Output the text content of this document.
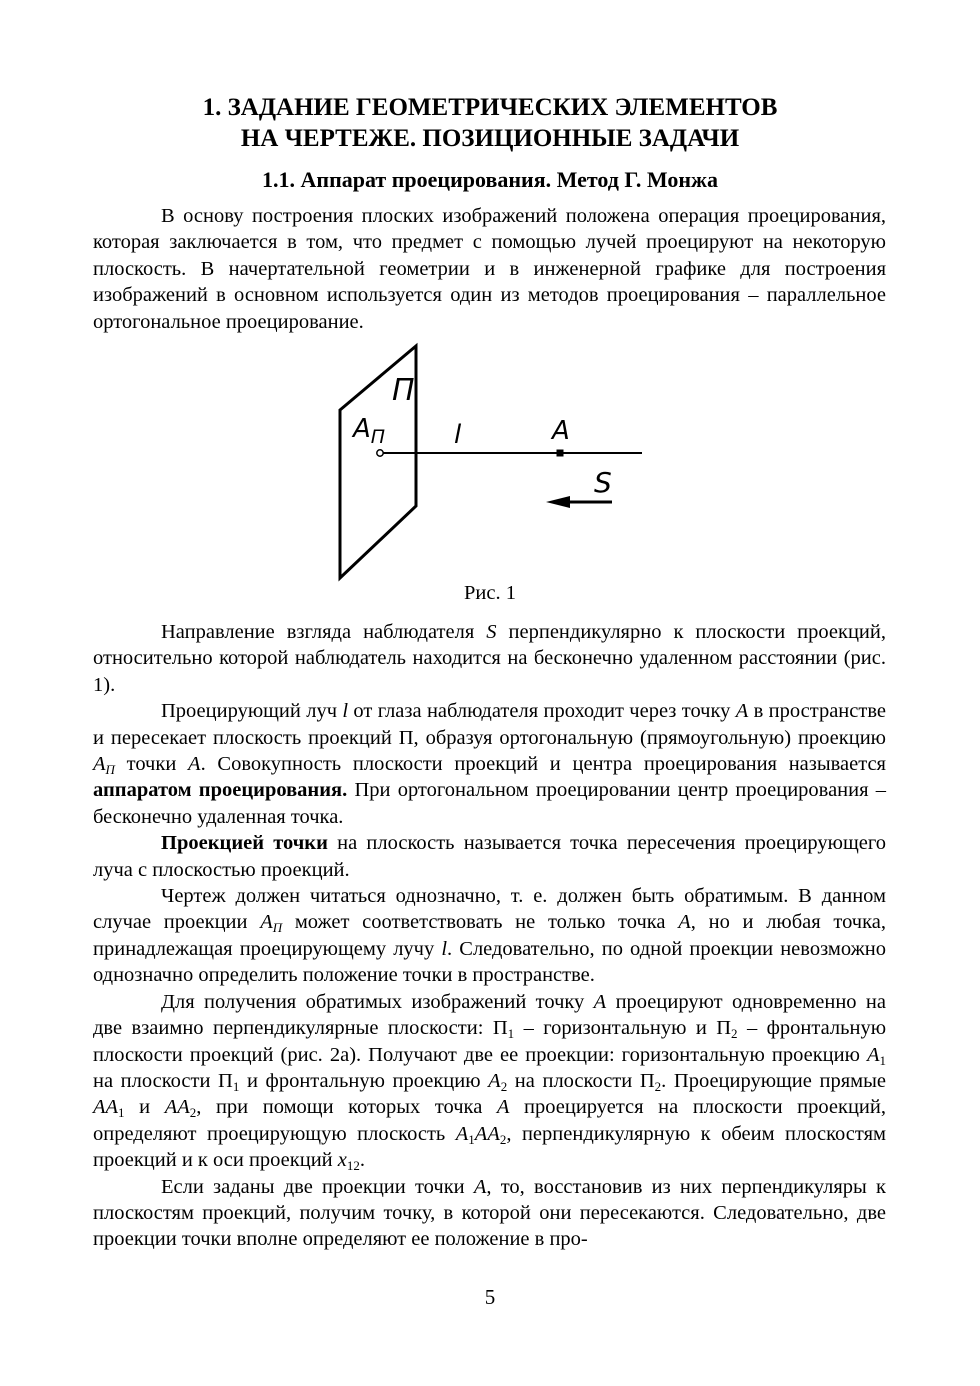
1. ЗАДАНИЕ ГЕОМЕТРИЧЕСКИХ ЭЛЕМЕНТОВ
НА ЧЕРТЕЖЕ. ПОЗИЦИОННЫЕ ЗАДАЧИ
1.1. Аппарат проецирования. Метод Г. Монжа

В основу построения плоских изображений положена операция проецирования, которая заключается в том, что предмет с помощью лучей проецируют на некоторую плоскость. В начертательной геометрии и в инженерной графике для построения изображений в основном используется один из методов проецирования – параллельное ортогональное проецирование.

П
$A_П$	l	A
S
Рис. 1

Направление взгляда наблюдателя S перпендикулярно к плоскости проекций, относительно которой наблюдатель находится на бесконечно удаленном расстоянии (рис. 1).

Проецирующий луч l от глаза наблюдателя проходит через точку A в пространстве и пересекает плоскость проекций П, образуя ортогональную (прямоугольную) проекцию $A_П$ точки A. Совокупность плоскости проекций и центра проецирования называется аппаратом проецирования. При ортогональном проецировании центр проецирования – бесконечно удаленная точка.

Проекцией точки на плоскость называется точка пересечения проецирующего луча с плоскостью проекций.

Чертеж должен читаться однозначно, т. е. должен быть обратимым. В данном случае проекции $A_П$ может соответствовать не только точка A, но и любая точка, принадлежащая проецирующему лучу l. Следовательно, по одной проекции невозможно однозначно определить положение точки в пространстве.

Для получения обратимых изображений точку A проецируют одновременно на две взаимно перпендикулярные плоскости: $П_1$ – горизонтальную и $П_2$ – фронтальную плоскости проекций (рис. 2а). Получают две ее проекции: горизонтальную проекцию $A_1$ на плоскости $П_1$ и фронтальную проекцию $A_2$ на плоскости $П_2$. Проецирующие прямые $AA_1$ и $AA_2$, при помощи которых точка A проецируется на плоскости проекций, определяют проецирующую плоскость $A_1AA_2$, перпендикулярную к обеим плоскостям проекций и к оси проекций $x_{12}$.

Если заданы две проекции точки A, то, восстановив из них перпендикуляры к плоскостям проекций, получим точку, в которой они пересекаются. Следовательно, две проекции точки вполне определяют ее положение в про-

5
